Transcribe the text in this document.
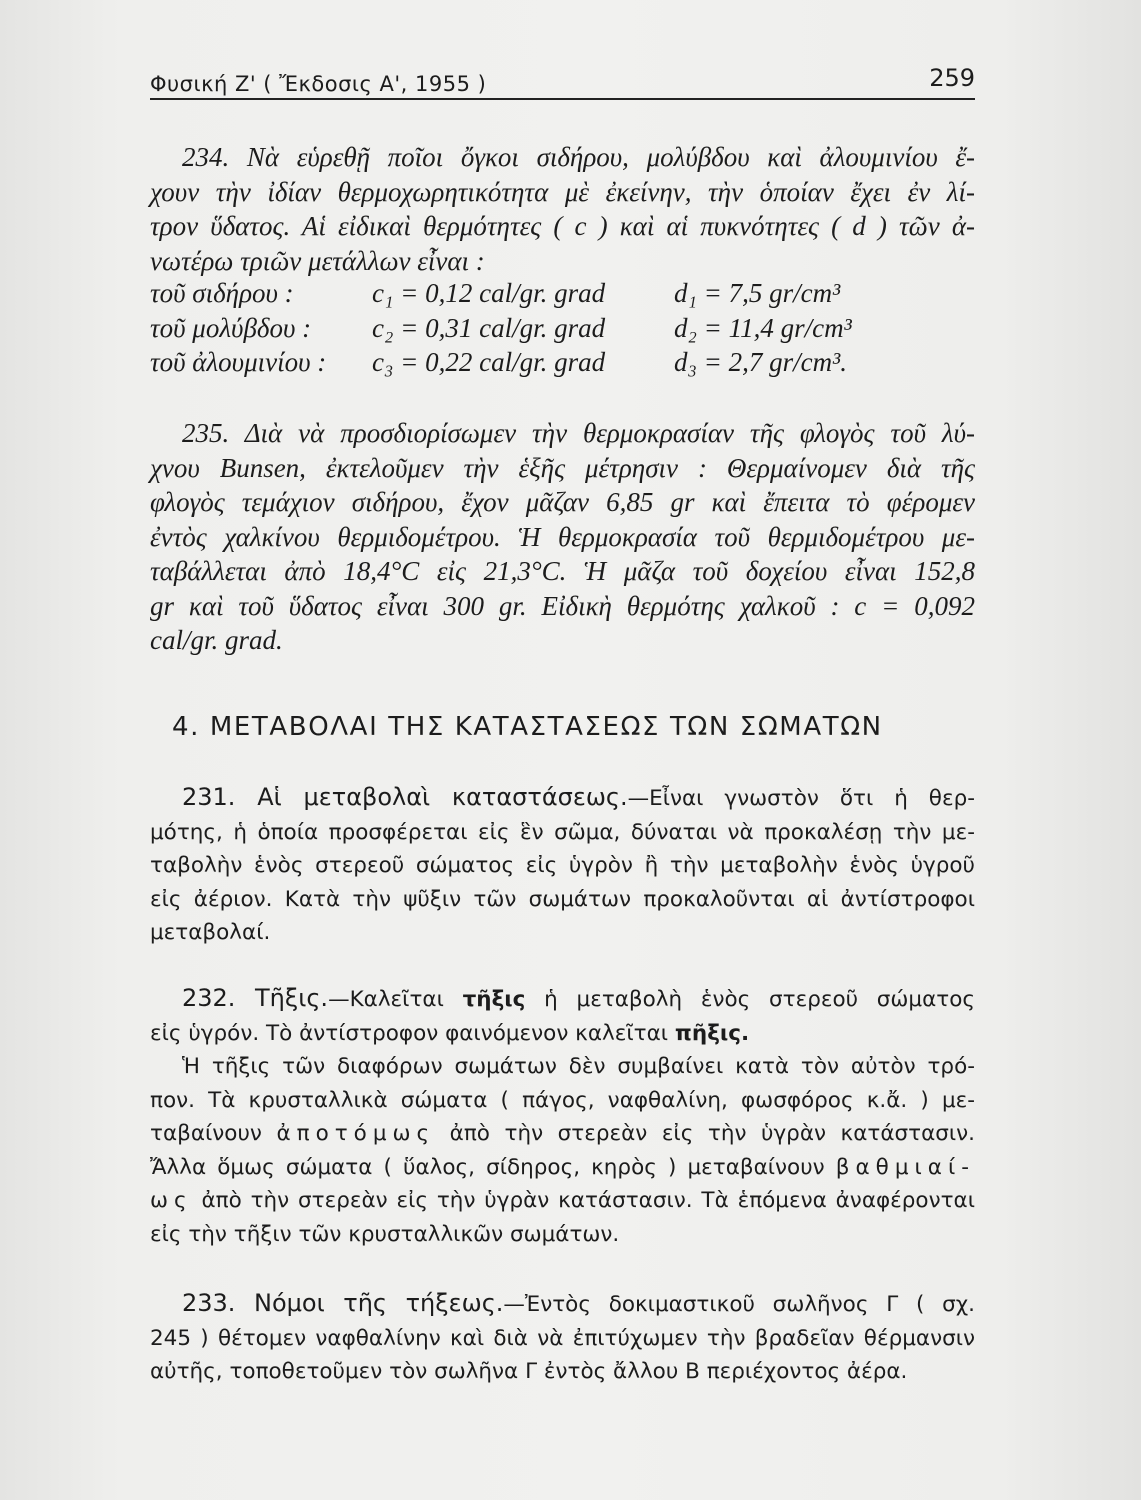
Φυσική Ζ' ( Ἔκδοσις Α', 1955 )	259

234. Νὰ εὑρεθῇ ποῖοι ὄγκοι σιδήρου, μολύβδου καὶ ἀλουμινίου ἔ-

χουν τὴν ἰδίαν θερμοχωρητικότητα μὲ ἐκείνην, τὴν ὁποίαν ἔχει ἐν λί-

τρον ὕδατος. Αἱ εἰδικαὶ θερμότητες ( c ) καὶ αἱ πυκνότητες ( d ) τῶν ἀ-

νωτέρω τριῶν μετάλλων εἶναι :

τοῦ σιδήρου :	c₁ = 0,12 cal/gr. grad	d₁ = 7,5 gr/cm³
τοῦ μολύβδου : c₂ = 0,31 cal/gr. grad	d₂ = 11,4 gr/cm³
τοῦ ἀλουμινίου : c₃ = 0,22 cal/gr. grad	d₃ = 2,7 gr/cm³.

235. Διὰ νὰ προσδιορίσωμεν τὴν θερμοκρασίαν τῆς φλογὸς τοῦ λύ-

χνου Bunsen, ἐκτελοῦμεν τὴν ἑξῆς μέτρησιν : Θερμαίνομεν διὰ τῆς

φλογὸς τεμάχιον σιδήρου, ἔχον μᾶζαν 6,85 gr καὶ ἔπειτα τὸ φέρομεν

ἐντὸς χαλκίνου θερμιδομέτρου. Ἡ θερμοκρασία τοῦ θερμιδομέτρου με-

ταβάλλεται ἀπὸ 18,4°C εἰς 21,3°C. Ἡ μᾶζα τοῦ δοχείου εἶναι 152,8

gr καὶ τοῦ ὕδατος εἶναι 300 gr. Εἰδικὴ θερμότης χαλκοῦ : c = 0,092

cal/gr. grad.

4. ΜΕΤΑΒΟΛΑΙ ΤΗΣ ΚΑΤΑΣΤΑΣΕΩΣ ΤΩΝ ΣΩΜΑΤΩΝ

231. Αἱ μεταβολαὶ καταστάσεως.—Εἶναι γνωστὸν ὅτι ἡ θερ-

μότης, ἡ ὁποία προσφέρεται εἰς ἓν σῶμα, δύναται νὰ προκαλέσῃ τὴν με-

ταβολὴν ἑνὸς στερεοῦ σώματος εἰς ὑγρὸν ἢ τὴν μεταβολὴν ἑνὸς ὑγροῦ

εἰς ἀέριον. Κατὰ τὴν ψῦξιν τῶν σωμάτων προκαλοῦνται αἱ ἀντίστροφοι

μεταβολαί.

232. Τῆξις.—Καλεῖται τῆξις ἡ μεταβολὴ ἑνὸς στερεοῦ σώματος

εἰς ὑγρόν. Τὸ ἀντίστροφον φαινόμενον καλεῖται πῆξις.

Ἡ τῆξις τῶν διαφόρων σωμάτων δὲν συμβαίνει κατὰ τὸν αὐτὸν τρό-

πον. Τὰ κρυσταλλικὰ σώματα ( πάγος, ναφθαλίνη, φωσφόρος κ.ἄ. ) με-

ταβαίνουν ἀποτόμως ἀπὸ τὴν στερεὰν εἰς τὴν ὑγρὰν κατάστασιν.

Ἄλλα ὅμως σώματα ( ὕαλος, σίδηρος, κηρὸς ) μεταβαίνουν βαθμιαί-

ως ἀπὸ τὴν στερεὰν εἰς τὴν ὑγρὰν κατάστασιν. Τὰ ἑπόμενα ἀναφέρονται

εἰς τὴν τῆξιν τῶν κρυσταλλικῶν σωμάτων.

233. Νόμοι τῆς τήξεως.—Ἐντὸς δοκιμαστικοῦ σωλῆνος Γ ( σχ.

245 ) θέτομεν ναφθαλίνην καὶ διὰ νὰ ἐπιτύχωμεν τὴν βραδεῖαν θέρμανσιν

αὐτῆς, τοποθετοῦμεν τὸν σωλῆνα Γ ἐντὸς ἄλλου Β περιέχοντος ἀέρα.
